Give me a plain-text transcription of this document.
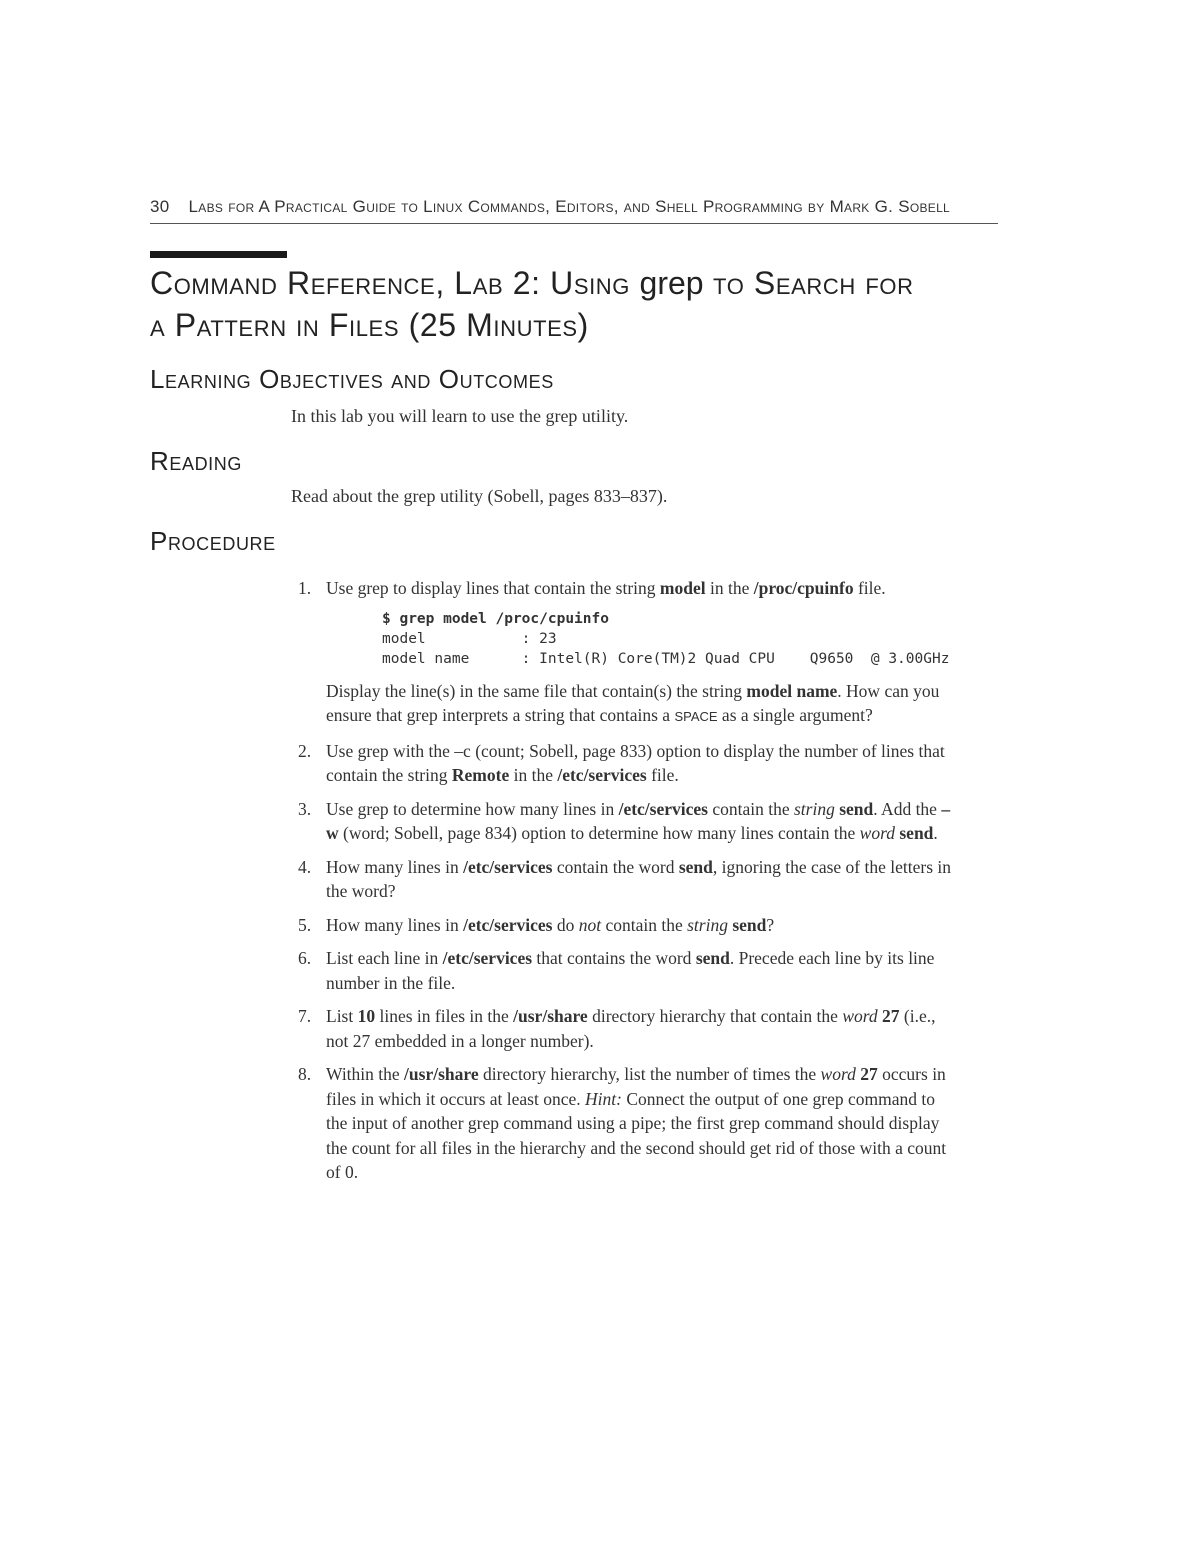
30 Labs for A Practical Guide to Linux Commands, Editors, and Shell Programming by Mark G. Sobell
Command Reference, Lab 2: Using grep to Search for
a Pattern in Files (25 Minutes)
Learning Objectives and Outcomes

In this lab you will learn to use the grep utility.

Reading

Read about the grep utility (Sobell, pages 833–837).

Procedure
1. Use grep to display lines that contain the string model in the /proc/cpuinfo file.
$ grep model /proc/cpuinfo
model           : 23
model name      : Intel(R) Core(TM)2 Quad CPU    Q9650  @ 3.00GHz
Display the line(s) in the same file that contain(s) the string model name. How can you ensure that grep interprets a string that contains a SPACE as a single argument?
2. Use grep with the –c (count; Sobell, page 833) option to display the number of lines that contain the string Remote in the /etc/services file.
3. Use grep to determine how many lines in /etc/services contain the string send. Add the –w (word; Sobell, page 834) option to determine how many lines contain the word send.
4. How many lines in /etc/services contain the word send, ignoring the case of the letters in the word?
5. How many lines in /etc/services do not contain the string send?
6. List each line in /etc/services that contains the word send. Precede each line by its line number in the file.
7. List 10 lines in files in the /usr/share directory hierarchy that contain the word 27 (i.e., not 27 embedded in a longer number).
8. Within the /usr/share directory hierarchy, list the number of times the word 27 occurs in files in which it occurs at least once. Hint: Connect the output of one grep command to the input of another grep command using a pipe; the first grep command should display the count for all files in the hierarchy and the second should get rid of those with a count of 0.
